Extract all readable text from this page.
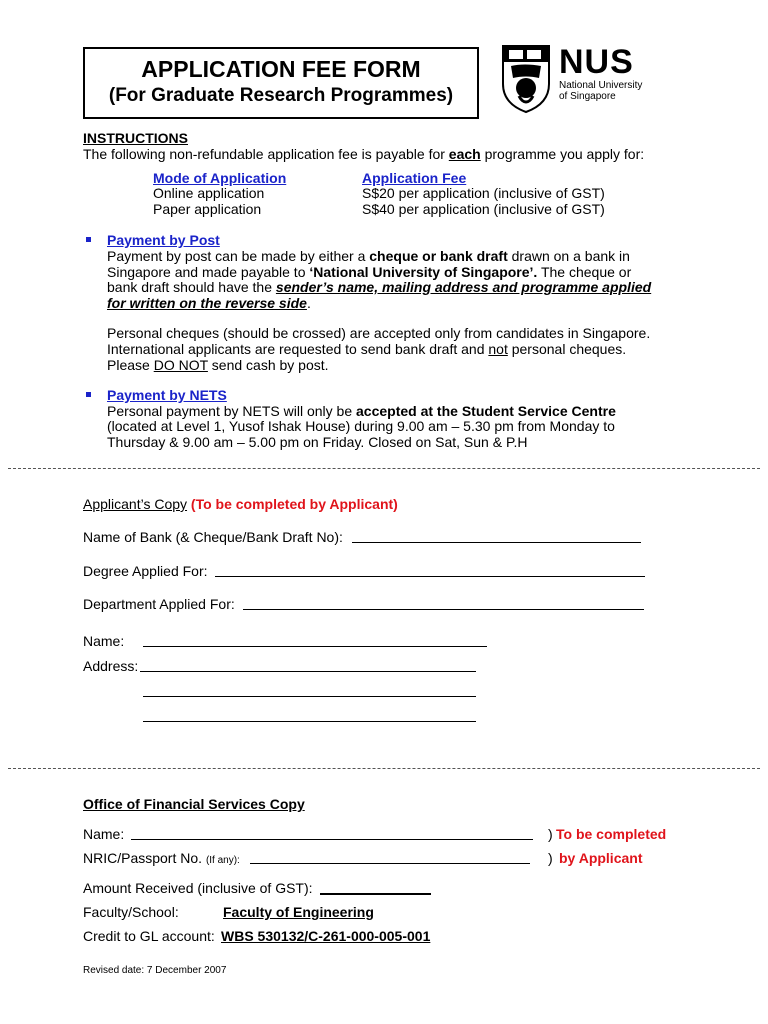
APPLICATION FEE FORM
(For Graduate Research Programmes)
NUS
National University
of Singapore
INSTRUCTIONS
The following non-refundable application fee is payable for each programme you apply for:
Mode of Application	Application Fee
Online application	S$20 per application (inclusive of GST)
Paper application	S$40 per application (inclusive of GST)
Payment by Post
Payment by post can be made by either a cheque or bank draft drawn on a bank in
Singapore and made payable to ‘National University of Singapore’. The cheque or
bank draft should have the sender’s name, mailing address and programme applied
for written on the reverse side.
Personal cheques (should be crossed) are accepted only from candidates in Singapore.
International applicants are requested to send bank draft and not personal cheques.
Please DO NOT send cash by post.
Payment by NETS
Personal payment by NETS will only be accepted at the Student Service Centre
(located at Level 1, Yusof Ishak House) during 9.00 am – 5.30 pm from Monday to
Thursday & 9.00 am – 5.00 pm on Friday. Closed on Sat, Sun & P.H
Applicant’s Copy (To be completed by Applicant)
Name of Bank (& Cheque/Bank Draft No):
Degree Applied For:
Department Applied For:
Name:
Address:
Office of Financial Services Copy
Name:	) To be completed
NRIC/Passport No. (If any):	) by Applicant
Amount Received (inclusive of GST):
Faculty/School:	Faculty of Engineering
Credit to GL account: WBS 530132/C-261-000-005-001
Revised date: 7 December 2007
